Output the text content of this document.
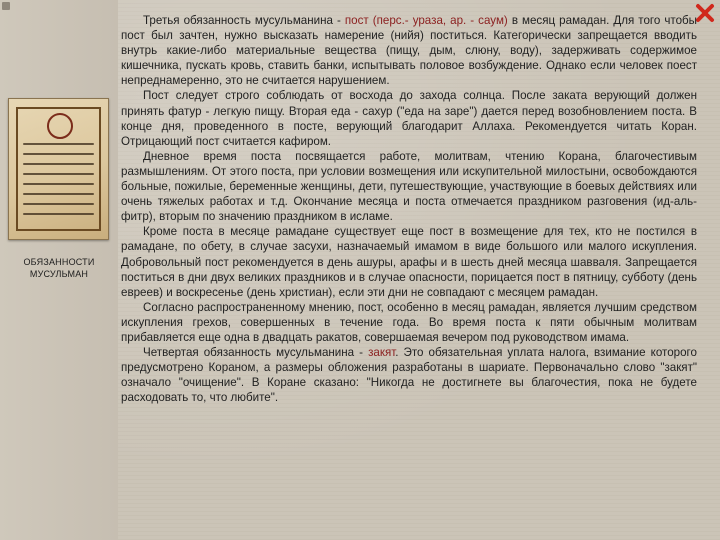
ОБЯЗАННОСТИ
МУСУЛЬМАН

Третья обязанность мусульманина - пост (перс.- ураза, ар. - саум) в месяц рамадан. Для того чтобы пост был зачтен, нужно высказать намерение (нийя) поститься. Категорически запрещается вводить внутрь какие-либо материальные вещества (пищу, дым, слюну, воду), задерживать содержимое кишечника, пускать кровь, ставить банки, испытывать половое возбуждение. Однако если человек поест непреднамеренно, это не считается нарушением.

Пост следует строго соблюдать от восхода до захода солнца. После заката верующий должен принять фатур - легкую пищу. Вторая еда - сахур ("еда на заре") дается перед возобновлением поста. В конце дня, проведенного в посте, верующий благодарит Аллаха. Рекомендуется читать Коран. Отрицающий пост считается кафиром.

Дневное время поста посвящается работе, молитвам, чтению Корана, благочестивым размышлениям. От этого поста, при условии возмещения или искупительной милостыни, освобождаются больные, пожилые, беременные женщины, дети, путешествующие, участвующие в боевых действиях или очень тяжелых работах и т.д. Окончание месяца и поста отмечается праздником разговения (ид-аль-фитр), вторым по значению праздником в исламе.

Кроме поста в месяце рамадане существует еще пост в возмещение для тех, кто не постился в рамадане, по обету, в случае засухи, назначаемый имамом в виде большого или малого искупления. Добровольный пост рекомендуется в день ашуры, арафы и в шесть дней месяца шавваля. Запрещается поститься в дни двух великих праздников и в случае опасности, порицается пост в пятницу, субботу (день евреев) и воскресенье (день христиан), если эти дни не совпадают с месяцем рамадан.

Согласно распространенному мнению, пост, особенно в месяц рамадан, является лучшим средством искупления грехов, совершенных в течение года. Во время поста к пяти обычным молитвам прибавляется еще одна в двадцать ракатов, совершаемая вечером под руководством имама.

Четвертая обязанность мусульманина - закят. Это обязательная уплата налога, взимание которого предусмотрено Кораном, а размеры обложения разработаны в шариате. Первоначально слово "закят" означало "очищение". В Коране сказано: "Никогда не достигнете вы благочестия, пока не будете расходовать то, что любите".
